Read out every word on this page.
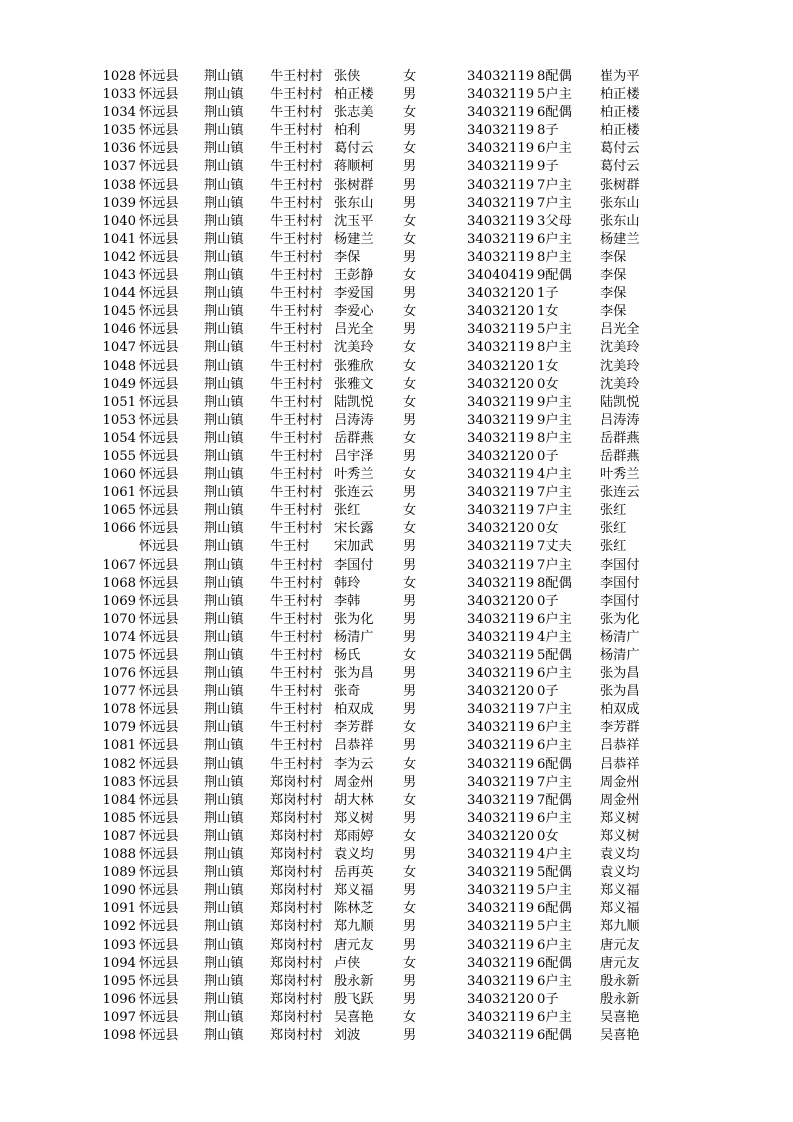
1028 怀远县	荆山镇	牛王村村 张侠	女	34032119 8配偶	崔为平
1033 怀远县	荆山镇	牛王村村 柏正楼	男	34032119 5户主	柏正楼
1034 怀远县	荆山镇	牛王村村 张志美	女	34032119 6配偶	柏正楼
1035 怀远县	荆山镇	牛王村村 柏利	男	34032119 8子	柏正楼
1036 怀远县	荆山镇	牛王村村 葛付云	女	34032119 6户主	葛付云
1037 怀远县	荆山镇	牛王村村 蒋顺柯	男	34032119 9子	葛付云
1038 怀远县	荆山镇	牛王村村 张树群	男	34032119 7户主	张树群
1039 怀远县	荆山镇	牛王村村 张东山	男	34032119 7户主	张东山
1040 怀远县	荆山镇	牛王村村 沈玉平	女	34032119 3父母	张东山
1041 怀远县	荆山镇	牛王村村 杨建兰	女	34032119 6户主	杨建兰
1042 怀远县	荆山镇	牛王村村 李保	男	34032119 8户主	李保
1043 怀远县	荆山镇	牛王村村 王彭静	女	34040419 9配偶	李保
1044 怀远县	荆山镇	牛王村村 李爱国	男	34032120 1子	李保
1045 怀远县	荆山镇	牛王村村 李爱心	女	34032120 1女	李保
1046 怀远县	荆山镇	牛王村村 吕光全	男	34032119 5户主	吕光全
1047 怀远县	荆山镇	牛王村村 沈美玲	女	34032119 8户主	沈美玲
1048 怀远县	荆山镇	牛王村村 张雅欣	女	34032120 1女	沈美玲
1049 怀远县	荆山镇	牛王村村 张雅文	女	34032120 0女	沈美玲
1051 怀远县	荆山镇	牛王村村 陆凯悦	女	34032119 9户主	陆凯悦
1053 怀远县	荆山镇	牛王村村 吕涛涛	男	34032119 9户主	吕涛涛
1054 怀远县	荆山镇	牛王村村 岳群燕	女	34032119 8户主	岳群燕
1055 怀远县	荆山镇	牛王村村 吕宇泽	男	34032120 0子	岳群燕
1060 怀远县	荆山镇	牛王村村 叶秀兰	女	34032119 4户主	叶秀兰
1061 怀远县	荆山镇	牛王村村 张连云	男	34032119 7户主	张连云
1065 怀远县	荆山镇	牛王村村 张红	女	34032119 7户主	张红
1066 怀远县	荆山镇	牛王村村 宋长露	女	34032120 0女	张红
怀远县	荆山镇	牛王村	宋加武	男	34032119 7丈夫	张红
1067 怀远县	荆山镇	牛王村村 李国付	男	34032119 7户主	李国付
1068 怀远县	荆山镇	牛王村村 韩玲	女	34032119 8配偶	李国付
1069 怀远县	荆山镇	牛王村村 李韩	男	34032120 0子	李国付
1070 怀远县	荆山镇	牛王村村 张为化	男	34032119 6户主	张为化
1074 怀远县	荆山镇	牛王村村 杨清广	男	34032119 4户主	杨清广
1075 怀远县	荆山镇	牛王村村 杨氏	女	34032119 5配偶	杨清广
1076 怀远县	荆山镇	牛王村村 张为昌	男	34032119 6户主	张为昌
1077 怀远县	荆山镇	牛王村村 张奇	男	34032120 0子	张为昌
1078 怀远县	荆山镇	牛王村村 柏双成	男	34032119 7户主	柏双成
1079 怀远县	荆山镇	牛王村村 李芳群	女	34032119 6户主	李芳群
1081 怀远县	荆山镇	牛王村村 吕恭祥	男	34032119 6户主	吕恭祥
1082 怀远县	荆山镇	牛王村村 李为云	女	34032119 6配偶	吕恭祥
1083 怀远县	荆山镇	郑岗村村 周金州	男	34032119 7户主	周金州
1084 怀远县	荆山镇	郑岗村村 胡大林	女	34032119 7配偶	周金州
1085 怀远县	荆山镇	郑岗村村 郑义树	男	34032119 6户主	郑义树
1087 怀远县	荆山镇	郑岗村村 郑雨婷	女	34032120 0女	郑义树
1088 怀远县	荆山镇	郑岗村村 袁义均	男	34032119 4户主	袁义均
1089 怀远县	荆山镇	郑岗村村 岳再英	女	34032119 5配偶	袁义均
1090 怀远县	荆山镇	郑岗村村 郑义福	男	34032119 5户主	郑义福
1091 怀远县	荆山镇	郑岗村村 陈林芝	女	34032119 6配偶	郑义福
1092 怀远县	荆山镇	郑岗村村 郑九顺	男	34032119 5户主	郑九顺
1093 怀远县	荆山镇	郑岗村村 唐元友	男	34032119 6户主	唐元友
1094 怀远县	荆山镇	郑岗村村 卢侠	女	34032119 6配偶	唐元友
1095 怀远县	荆山镇	郑岗村村 殷永新	男	34032119 6户主	殷永新
1096 怀远县	荆山镇	郑岗村村 殷飞跃	男	34032120 0子	殷永新
1097 怀远县	荆山镇	郑岗村村 吴喜艳	女	34032119 6户主	吴喜艳
1098 怀远县	荆山镇	郑岗村村 刘波	男	34032119 6配偶	吴喜艳
